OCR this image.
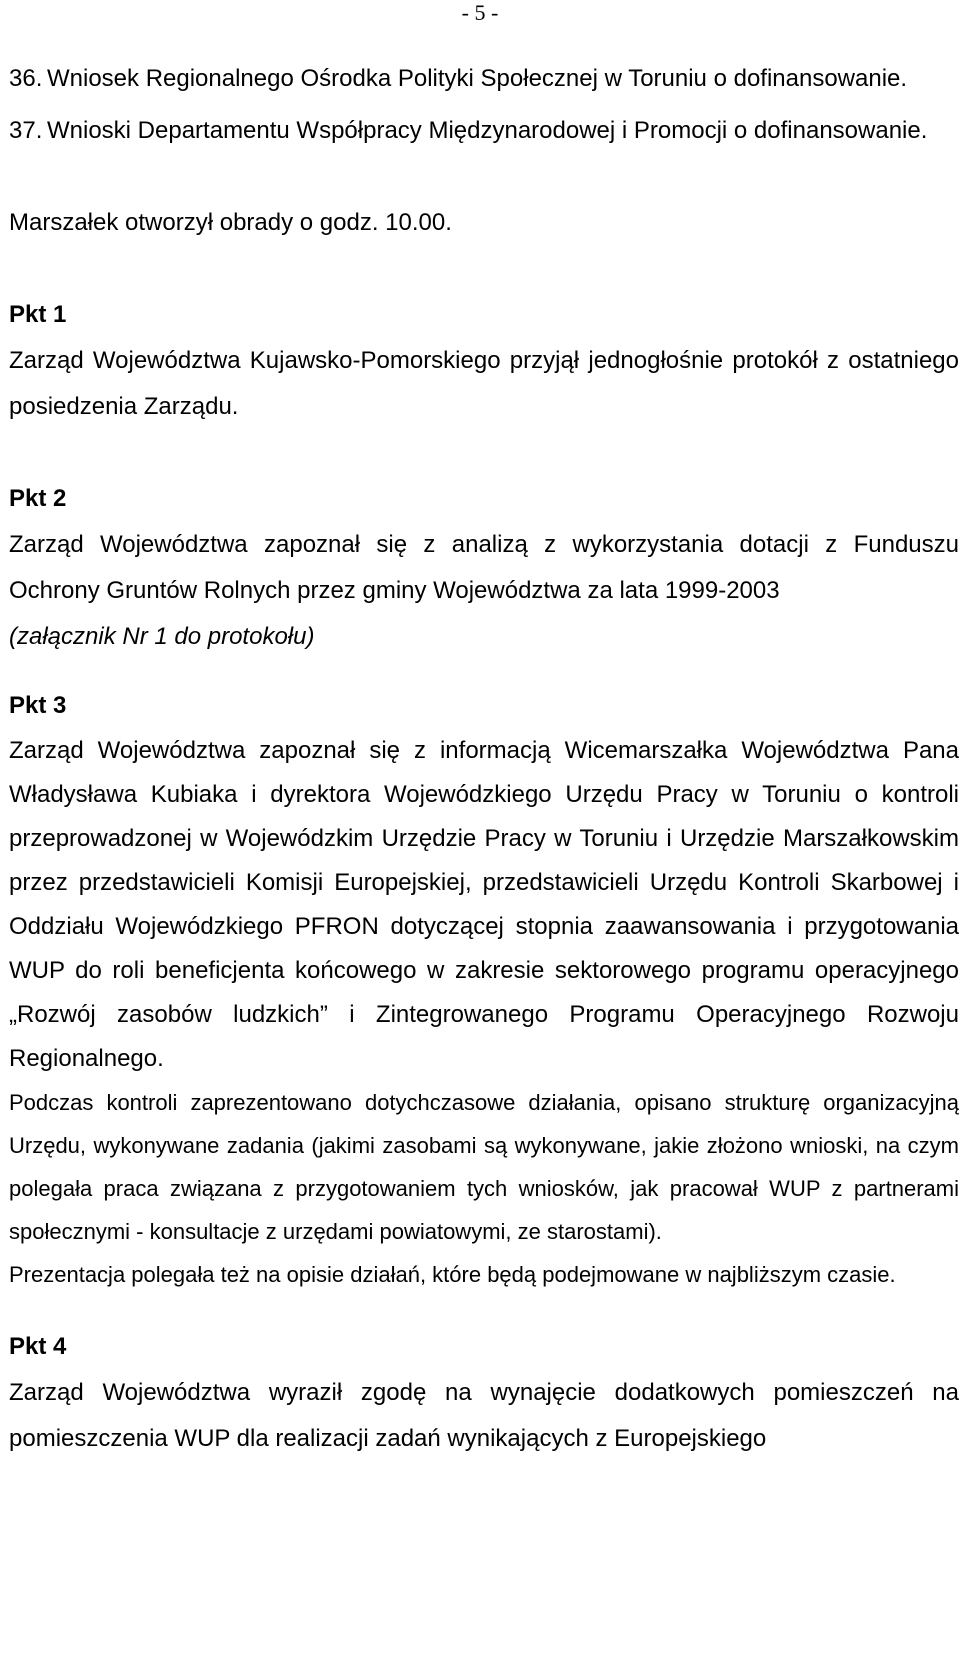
- 5 -
36. Wniosek Regionalnego Ośrodka Polityki Społecznej w Toruniu o dofinansowanie.
37. Wnioski Departamentu Współpracy Międzynarodowej i Promocji o dofinansowanie.

Marszałek otworzył obrady o godz. 10.00.

Pkt 1

Zarząd Województwa Kujawsko-Pomorskiego przyjął jednogłośnie protokół z ostatniego posiedzenia Zarządu.

Pkt 2

Zarząd Województwa zapoznał się z analizą z wykorzystania dotacji z Funduszu Ochrony Gruntów Rolnych przez gminy Województwa za lata 1999-2003

(załącznik Nr 1 do protokołu)

Pkt 3

Zarząd Województwa zapoznał się z informacją Wicemarszałka Województwa Pana Władysława Kubiaka i dyrektora Wojewódzkiego Urzędu Pracy w Toruniu o kontroli przeprowadzonej w Wojewódzkim Urzędzie Pracy w Toruniu i Urzędzie Marszałkowskim przez przedstawicieli Komisji Europejskiej, przedstawicieli Urzędu Kontroli Skarbowej i Oddziału Wojewódzkiego PFRON dotyczącej stopnia zaawansowania i przygotowania WUP do roli beneficjenta końcowego w zakresie sektorowego programu operacyjnego „Rozwój zasobów ludzkich” i Zintegrowanego Programu Operacyjnego Rozwoju Regionalnego.

Podczas kontroli zaprezentowano dotychczasowe działania, opisano strukturę organizacyjną Urzędu, wykonywane zadania (jakimi zasobami są wykonywane, jakie złożono wnioski, na czym polegała praca związana z przygotowaniem tych wniosków, jak pracował WUP z partnerami społecznymi - konsultacje z urzędami powiatowymi, ze starostami).

Prezentacja polegała też na opisie działań, które będą podejmowane w najbliższym czasie.

Pkt 4

Zarząd Województwa wyraził zgodę na wynajęcie dodatkowych pomieszczeń na pomieszczenia WUP dla realizacji zadań wynikających z Europejskiego
